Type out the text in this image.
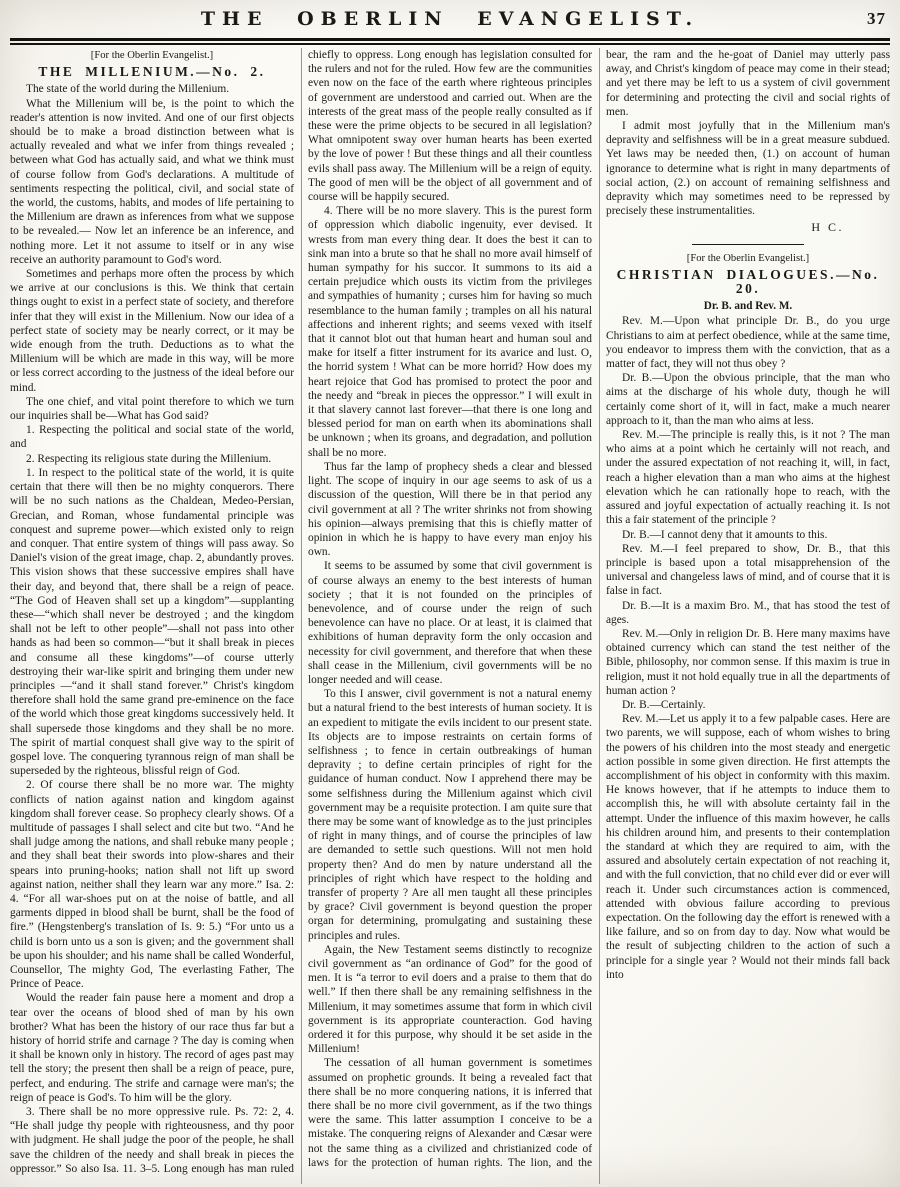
THE OBERLIN EVANGELIST.	37
[For the Oberlin Evangelist.]
THE MILLENIUM.—No. 2.

The state of the world during the Millenium.

What the Millenium will be, is the point to which the reader's attention is now invited. And one of our first objects should be to make a broad distinction between what is actually revealed and what we infer from things revealed ; between what God has actually said, and what we think must of course follow from God's declarations. A multitude of sentiments respecting the political, civil, and social state of the world, the customs, habits, and modes of life pertaining to the Millenium are drawn as inferences from what we suppose to be revealed.— Now let an inference be an inference, and nothing more. Let it not assume to itself or in any wise receive an authority paramount to God's word.

Sometimes and perhaps more often the process by which we arrive at our conclusions is this. We think that certain things ought to exist in a perfect state of society, and therefore infer that they will exist in the Millenium. Now our idea of a perfect state of society may be nearly correct, or it may be wide enough from the truth. Deductions as to what the Millenium will be which are made in this way, will be more or less correct according to the justness of the ideal before our mind.

The one chief, and vital point therefore to which we turn our inquiries shall be—What has God said?

1. Respecting the political and social state of the world, and

2. Respecting its religious state during the Millenium.

1. In respect to the political state of the world, it is quite certain that there will then be no mighty conquerors. There will be no such nations as the Chaldean, Medeo-Persian, Grecian, and Roman, whose fundamental principle was conquest and supreme power—which existed only to reign and conquer. That entire system of things will pass away. So Daniel's vision of the great image, chap. 2, abundantly proves. This vision shows that these successive empires shall have their day, and beyond that, there shall be a reign of peace. “The God of Heaven shall set up a kingdom”—supplanting these—“which shall never be destroyed ; and the kingdom shall not be left to other people”—shall not pass into other hands as had been so common—“but it shall break in pieces and consume all these kingdoms”—of course utterly destroying their war-like spirit and bringing them under new principles —“and it shall stand forever.” Christ's kingdom therefore shall hold the same grand pre-eminence on the face of the world which those great kingdoms successively held. It shall supersede those kingdoms and they shall be no more. The spirit of martial conquest shall give way to the spirit of gospel love. The conquering tyrannous reign of man shall be superseded by the righteous, blissful reign of God.

2. Of course there shall be no more war. The mighty conflicts of nation against nation and kingdom against kingdom shall forever cease. So prophecy clearly shows. Of a multitude of passages I shall select and cite but two. “And he shall judge among the nations, and shall rebuke many people ; and they shall beat their swords into plow-shares and their spears into pruning-hooks; nation shall not lift up sword against nation, neither shall they learn war any more.” Isa. 2: 4. “For all war-shoes put on at the noise of battle, and all garments dipped in blood shall be burnt, shall be the food of fire.” (Hengstenberg's translation of Is. 9: 5.) “For unto us a child is born unto us a son is given; and the government shall be upon his shoulder; and his name shall be called Wonderful, Counsellor, The mighty God, The everlasting Father, The Prince of Peace.

Would the reader fain pause here a moment and drop a tear over the oceans of blood shed of man by his own brother? What has been the history of our race thus far but a history of horrid strife and carnage ? The day is coming when it shall be known only in history. The record of ages past may tell the story; the present then shall be a reign of peace, pure, perfect, and enduring. The strife and carnage were man's; the reign of peace is God's. To him will be the glory.

3. There shall be no more oppressive rule. Ps. 72: 2, 4. “He shall judge thy people with righteousness, and thy poor with judgment. He shall judge the poor of the people, he shall save the children of the needy and shall break in pieces the oppressor.” So also Isa. 11. 3–5. Long enough has man ruled chiefly to oppress. Long enough has legislation consulted for the rulers and not for the ruled. How few are the communities even now on the face of the earth where righteous principles of government are understood and carried out. When are the interests of the great mass of the people really consulted as if these were the prime objects to be secured in all legislation? What omnipotent sway over human hearts has been exerted by the love of power ! But these things and all their countless evils shall pass away. The Millenium will be a reign of equity. The good of men will be the object of all government and of course will be happily secured.

4. There will be no more slavery. This is the purest form of oppression which diabolic ingenuity, ever devised. It wrests from man every thing dear. It does the best it can to sink man into a brute so that he shall no more avail himself of human sympathy for his succor. It summons to its aid a certain prejudice which ousts its victim from the privileges and sympathies of humanity ; curses him for having so much resemblance to the human family ; tramples on all his natural affections and inherent rights; and seems vexed with itself that it cannot blot out that human heart and human soul and make for itself a fitter instrument for its avarice and lust. O, the horrid system ! What can be more horrid? How does my heart rejoice that God has promised to protect the poor and the needy and “break in pieces the oppressor.” I will exult in it that slavery cannot last forever—that there is one long and blessed period for man on earth when its abominations shall be unknown ; when its groans, and degradation, and pollution shall be no more.

Thus far the lamp of prophecy sheds a clear and blessed light. The scope of inquiry in our age seems to ask of us a discussion of the question, Will there be in that period any civil government at all ? The writer shrinks not from showing his opinion—always premising that this is chiefly matter of opinion in which he is happy to have every man enjoy his own.

It seems to be assumed by some that civil government is of course always an enemy to the best interests of human society ; that it is not founded on the principles of benevolence, and of course under the reign of such benevolence can have no place. Or at least, it is claimed that exhibitions of human depravity form the only occasion and necessity for civil government, and therefore that when these shall cease in the Millenium, civil governments will be no longer needed and will cease.

To this I answer, civil government is not a natural enemy but a natural friend to the best interests of human society. It is an expedient to mitigate the evils incident to our present state. Its objects are to impose restraints on certain forms of selfishness ; to fence in certain outbreakings of human depravity ; to define certain principles of right for the guidance of human conduct. Now I apprehend there may be some selfishness during the Millenium against which civil government may be a requisite protection. I am quite sure that there may be some want of knowledge as to the just principles of right in many things, and of course the principles of law are demanded to settle such questions. Will not men hold property then? And do men by nature understand all the principles of right which have respect to the holding and transfer of property ? Are all men taught all these principles by grace? Civil government is beyond question the proper organ for determining, promulgating and sustaining these principles and rules.

Again, the New Testament seems distinctly to recognize civil government as “an ordinance of God” for the good of men. It is “a terror to evil doers and a praise to them that do well.” If then there shall be any remaining selfishness in the Millenium, it may sometimes assume that form in which civil government is its appropriate counteraction. God having ordered it for this purpose, why should it be set aside in the Millenium!

The cessation of all human government is sometimes assumed on prophetic grounds. It being a revealed fact that there shall be no more conquering nations, it is inferred that there shall be no more civil government, as if the two things were the same. This latter assumption I conceive to be a mistake. The conquering reigns of Alexander and Cæsar were not the same thing as a civilized and christianized code of laws for the protection of human rights. The lion, and the bear, the ram and the he-goat of Daniel may utterly pass away, and Christ's kingdom of peace may come in their stead; and yet there may be left to us a system of civil government for determining and protecting the civil and social rights of men.

I admit most joyfully that in the Millenium man's depravity and selfishness will be in a great measure subdued. Yet laws may be needed then, (1.) on account of human ignorance to determine what is right in many departments of social action, (2.) on account of remaining selfishness and depravity which may sometimes need to be repressed by precisely these instrumentalities.

H C.

[For the Oberlin Evangelist.]
CHRISTIAN DIALOGUES.—No. 20.
Dr. B. and Rev. M.

Rev. M.—Upon what principle Dr. B., do you urge Christians to aim at perfect obedience, while at the same time, you endeavor to impress them with the conviction, that as a matter of fact, they will not thus obey ?

Dr. B.—Upon the obvious principle, that the man who aims at the discharge of his whole duty, though he will certainly come short of it, will in fact, make a much nearer approach to it, than the man who aims at less.

Rev. M.—The principle is really this, is it not ? The man who aims at a point which he certainly will not reach, and under the assured expectation of not reaching it, will, in fact, reach a higher elevation than a man who aims at the highest elevation which he can rationally hope to reach, with the assured and joyful expectation of actually reaching it. Is not this a fair statement of the principle ?

Dr. B.—I cannot deny that it amounts to this.

Rev. M.—I feel prepared to show, Dr. B., that this principle is based upon a total misapprehension of the universal and changeless laws of mind, and of course that it is false in fact.

Dr. B.—It is a maxim Bro. M., that has stood the test of ages.

Rev. M.—Only in religion Dr. B. Here many maxims have obtained currency which can stand the test neither of the Bible, philosophy, nor common sense. If this maxim is true in religion, must it not hold equally true in all the departments of human action ?

Dr. B.—Certainly.

Rev. M.—Let us apply it to a few palpable cases. Here are two parents, we will suppose, each of whom wishes to bring the powers of his children into the most steady and energetic action possible in some given direction. He first attempts the accomplishment of his object in conformity with this maxim. He knows however, that if he attempts to induce them to accomplish this, he will with absolute certainty fail in the attempt. Under the influence of this maxim however, he calls his children around him, and presents to their contemplation the standard at which they are required to aim, with the assured and absolutely certain expectation of not reaching it, and with the full conviction, that no child ever did or ever will reach it. Under such circumstances action is commenced, attended with obvious failure according to previous expectation. On the following day the effort is renewed with a like failure, and so on from day to day. Now what would be the result of subjecting children to the action of such a principle for a single year ? Would not their minds fall back into
